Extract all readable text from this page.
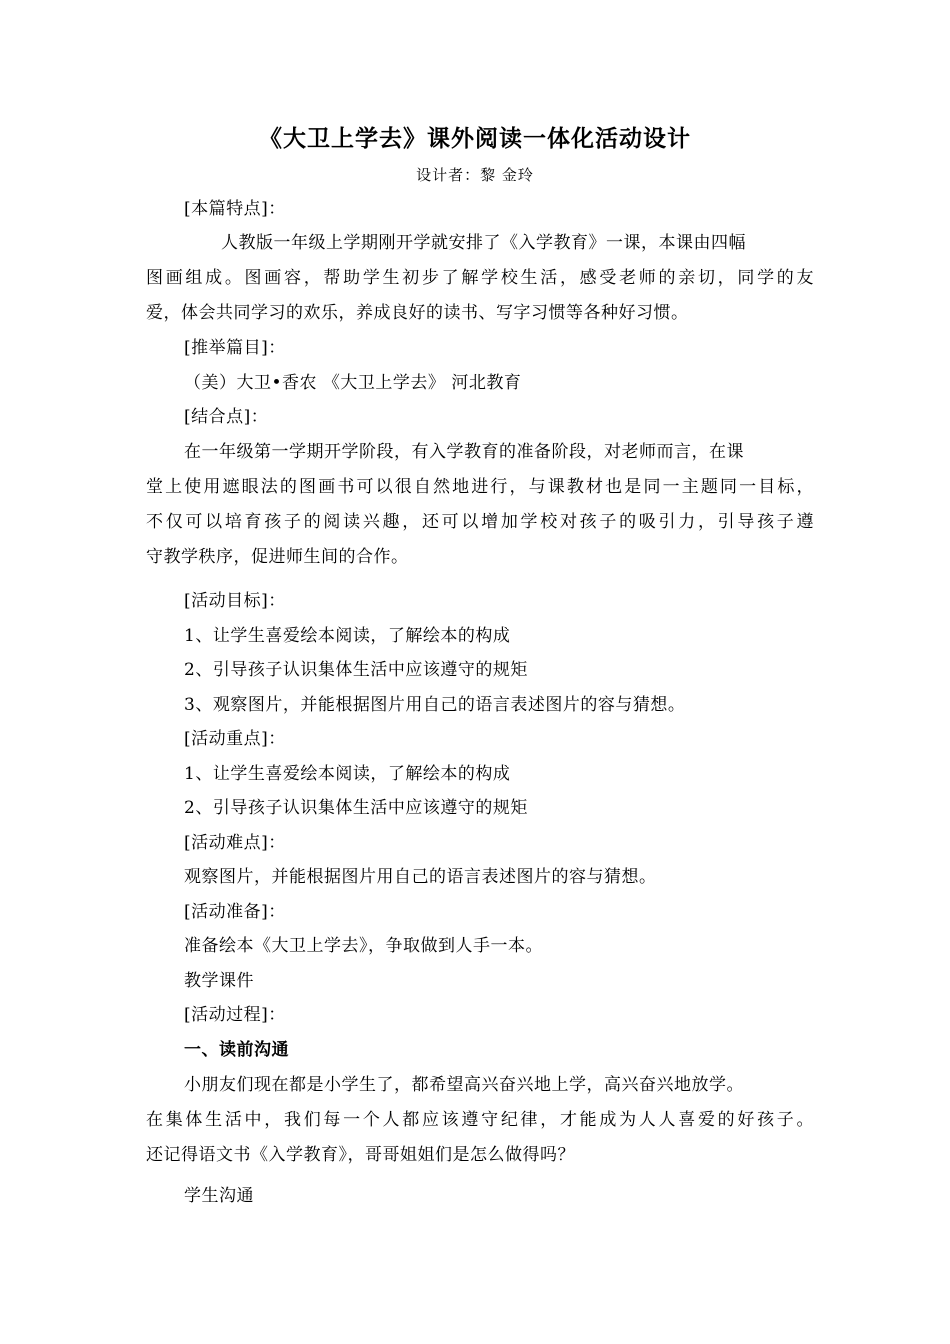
《大卫上学去》课外阅读一体化活动设计
设计者：黎 金玲
[本篇特点]：
人教版一年级上学期刚开学就安排了《入学教育》一课，本课由四幅
图画组成。图画容，帮助学生初步了解学校生活，感受老师的亲切，同学的友
爱，体会共同学习的欢乐，养成良好的读书、写字习惯等各种好习惯。
[推举篇目]：
（美）大卫•香农 《大卫上学去》 河北教育
[结合点]：
在一年级第一学期开学阶段，有入学教育的准备阶段，对老师而言，在课
堂上使用遮眼法的图画书可以很自然地进行，与课教材也是同一主题同一目标，
不仅可以培育孩子的阅读兴趣，还可以增加学校对孩子的吸引力，引导孩子遵
守教学秩序，促进师生间的合作。
[活动目标]：
1、让学生喜爱绘本阅读，了解绘本的构成
2、引导孩子认识集体生活中应该遵守的规矩
3、观察图片，并能根据图片用自己的语言表述图片的容与猜想。
[活动重点]：
1、让学生喜爱绘本阅读，了解绘本的构成
2、引导孩子认识集体生活中应该遵守的规矩
[活动难点]：
观察图片，并能根据图片用自己的语言表述图片的容与猜想。
[活动准备]：
准备绘本《大卫上学去》，争取做到人手一本。
教学课件
[活动过程]：
一、读前沟通
小朋友们现在都是小学生了，都希望高兴奋兴地上学，高兴奋兴地放学。
在集体生活中，我们每一个人都应该遵守纪律，才能成为人人喜爱的好孩子。
还记得语文书《入学教育》，哥哥姐姐们是怎么做得吗？
学生沟通
